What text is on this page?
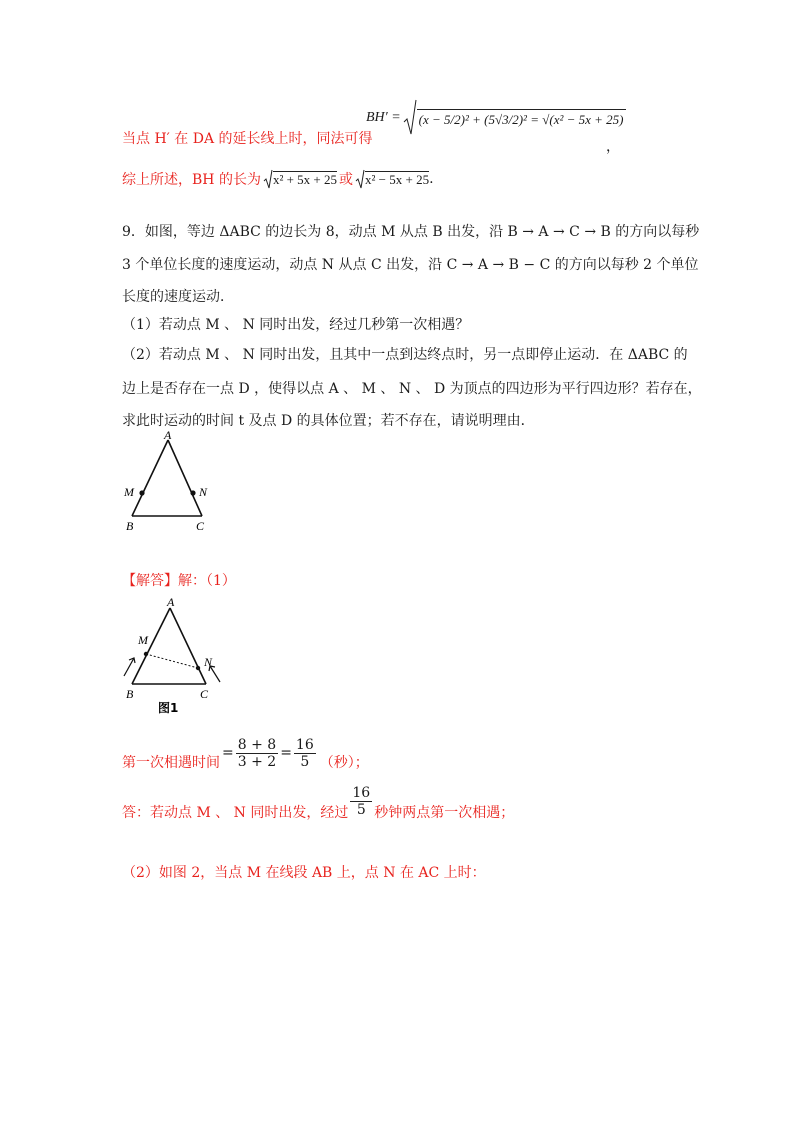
BH′ = (x − 5/2)² + (5√3/2)² = √(x² − 5x + 25)
当点 H′ 在 DA 的延长线上时，同法可得	，
综上所述，BH 的长为 x² + 5x + 25 或 x² − 5x + 25 .
9．如图，等边 ΔABC 的边长为 8，动点 M 从点 B 出发，沿 B → A → C → B 的方向以每秒
3 个单位长度的速度运动，动点 N 从点 C 出发，沿 C → A → B − C 的方向以每秒 2 个单位
长度的速度运动．
（1）若动点 M 、 N 同时出发，经过几秒第一次相遇？
（2）若动点 M 、 N 同时出发，且其中一点到达终点时，另一点即停止运动．在 ΔABC 的
边上是否存在一点 D ，使得以点 A 、 M 、 N 、 D 为顶点的四边形为平行四边形？若存在，
求此时运动的时间 t 及点 D 的具体位置；若不存在，请说明理由．
A
M	N
B	C
【解答】解：（1）
A
M
N
B	C
图1
第一次相遇时间
= $\frac{8 + 8}{3 + 2} = \frac{16}{5}$ （秒）；
答：若动点 M 、 N 同时出发，经过 $\frac{16}{5}$ 秒钟两点第一次相遇；
（2）如图 2，当点 M 在线段 AB 上，点 N 在 AC 上时：
